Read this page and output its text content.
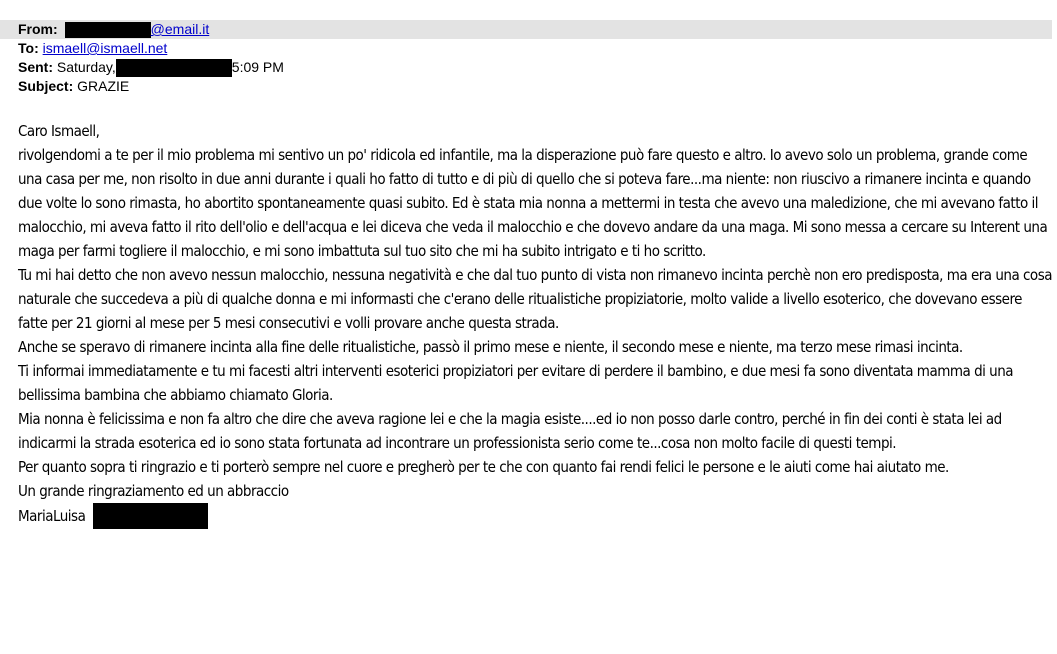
From:	@email.it
To: ismaell@ismaell.net
Sent: Saturday,	5:09 PM
Subject: GRAZIE

Caro Ismaell,

rivolgendomi a te per il mio problema mi sentivo un po' ridicola ed infantile, ma la disperazione può fare questo e altro. Io avevo solo un problema, grande come una casa per me, non risolto in due anni durante i quali ho fatto di tutto e di più di quello che si poteva fare...ma niente: non riuscivo a rimanere incinta e quando due volte lo sono rimasta, ho abortito spontaneamente quasi subito. Ed è stata mia nonna a mettermi in testa che avevo una maledizione, che mi avevano fatto il malocchio, mi aveva fatto il rito dell'olio e dell'acqua e lei diceva che veda il malocchio e che dovevo andare da una maga. Mi sono messa a cercare su Interent una maga per farmi togliere il malocchio, e mi sono imbattuta sul tuo sito che mi ha subito intrigato e ti ho scritto.

Tu mi hai detto che non avevo nessun malocchio, nessuna negatività e che dal tuo punto di vista non rimanevo incinta perchè non ero predisposta, ma era una cosa naturale che succedeva a più di qualche donna e mi informasti che c'erano delle ritualistiche propiziatorie, molto valide a livello esoterico, che dovevano essere fatte per 21 giorni al mese per 5 mesi consecutivi e volli provare anche questa strada.

Anche se speravo di rimanere incinta alla fine delle ritualistiche, passò il primo mese e niente, il secondo mese e niente, ma terzo mese rimasi incinta.

Ti informai immediatamente e tu mi facesti altri interventi esoterici propiziatori per evitare di perdere il bambino, e due mesi fa sono diventata mamma di una bellissima bambina che abbiamo chiamato Gloria.

Mia nonna è felicissima e non fa altro che dire che aveva ragione lei e che la magia esiste....ed io non posso darle contro, perché in fin dei conti è stata lei ad indicarmi la strada esoterica ed io sono stata fortunata ad incontrare un professionista serio come te...cosa non molto facile di questi tempi.

Per quanto sopra ti ringrazio e ti porterò sempre nel cuore e pregherò per te che con quanto fai rendi felici le persone e le aiuti come hai aiutato me.

Un grande ringraziamento ed un abbraccio

MariaLuisa
